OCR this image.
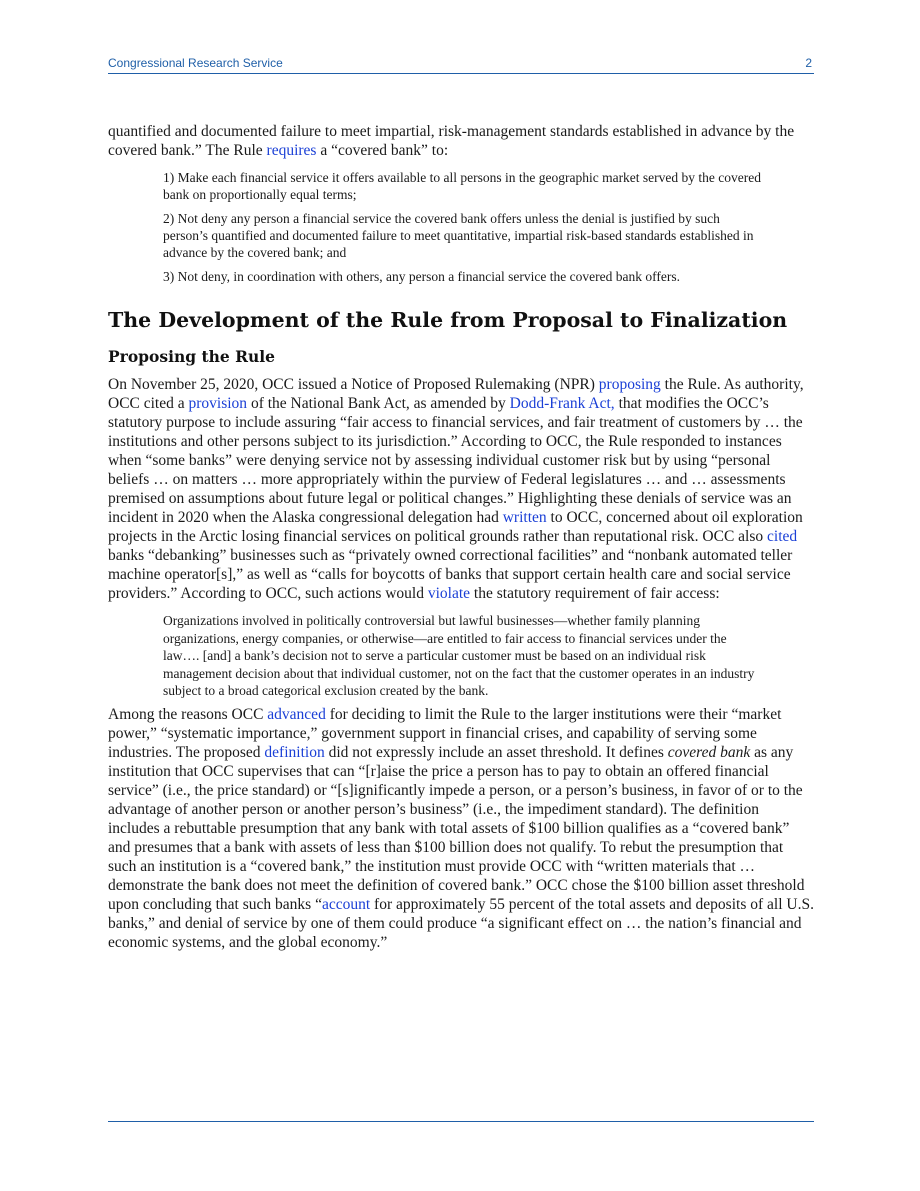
Congressional Research Service	2

quantified and documented failure to meet impartial, risk-management standards established in advance by the covered bank.” The Rule requires a “covered bank” to:

1) Make each financial service it offers available to all persons in the geographic market served by the covered bank on proportionally equal terms;

2) Not deny any person a financial service the covered bank offers unless the denial is justified by such person’s quantified and documented failure to meet quantitative, impartial risk-based standards established in advance by the covered bank; and

3) Not deny, in coordination with others, any person a financial service the covered bank offers.

The Development of the Rule from Proposal to Finalization
Proposing the Rule

On November 25, 2020, OCC issued a Notice of Proposed Rulemaking (NPR) proposing the Rule. As authority, OCC cited a provision of the National Bank Act, as amended by Dodd-Frank Act, that modifies the OCC’s statutory purpose to include assuring “fair access to financial services, and fair treatment of customers by … the institutions and other persons subject to its jurisdiction.” According to OCC, the Rule responded to instances when “some banks” were denying service not by assessing individual customer risk but by using “personal beliefs … on matters … more appropriately within the purview of Federal legislatures … and … assessments premised on assumptions about future legal or political changes.” Highlighting these denials of service was an incident in 2020 when the Alaska congressional delegation had written to OCC, concerned about oil exploration projects in the Arctic losing financial services on political grounds rather than reputational risk. OCC also cited banks “debanking” businesses such as “privately owned correctional facilities” and “nonbank automated teller machine operator[s],” as well as “calls for boycotts of banks that support certain health care and social service providers.” According to OCC, such actions would violate the statutory requirement of fair access:

Organizations involved in politically controversial but lawful businesses—whether family planning organizations, energy companies, or otherwise—are entitled to fair access to financial services under the law…. [and] a bank’s decision not to serve a particular customer must be based on an individual risk management decision about that individual customer, not on the fact that the customer operates in an industry subject to a broad categorical exclusion created by the bank.

Among the reasons OCC advanced for deciding to limit the Rule to the larger institutions were their “market power,” “systematic importance,” government support in financial crises, and capability of serving some industries. The proposed definition did not expressly include an asset threshold. It defines covered bank as any institution that OCC supervises that can “[r]aise the price a person has to pay to obtain an offered financial service” (i.e., the price standard) or “[s]ignificantly impede a person, or a person’s business, in favor of or to the advantage of another person or another person’s business” (i.e., the impediment standard). The definition includes a rebuttable presumption that any bank with total assets of $100 billion qualifies as a “covered bank” and presumes that a bank with assets of less than $100 billion does not qualify. To rebut the presumption that such an institution is a “covered bank,” the institution must provide OCC with “written materials that … demonstrate the bank does not meet the definition of covered bank.” OCC chose the $100 billion asset threshold upon concluding that such banks “account for approximately 55 percent of the total assets and deposits of all U.S. banks,” and denial of service by one of them could produce “a significant effect on … the nation’s financial and economic systems, and the global economy.”
